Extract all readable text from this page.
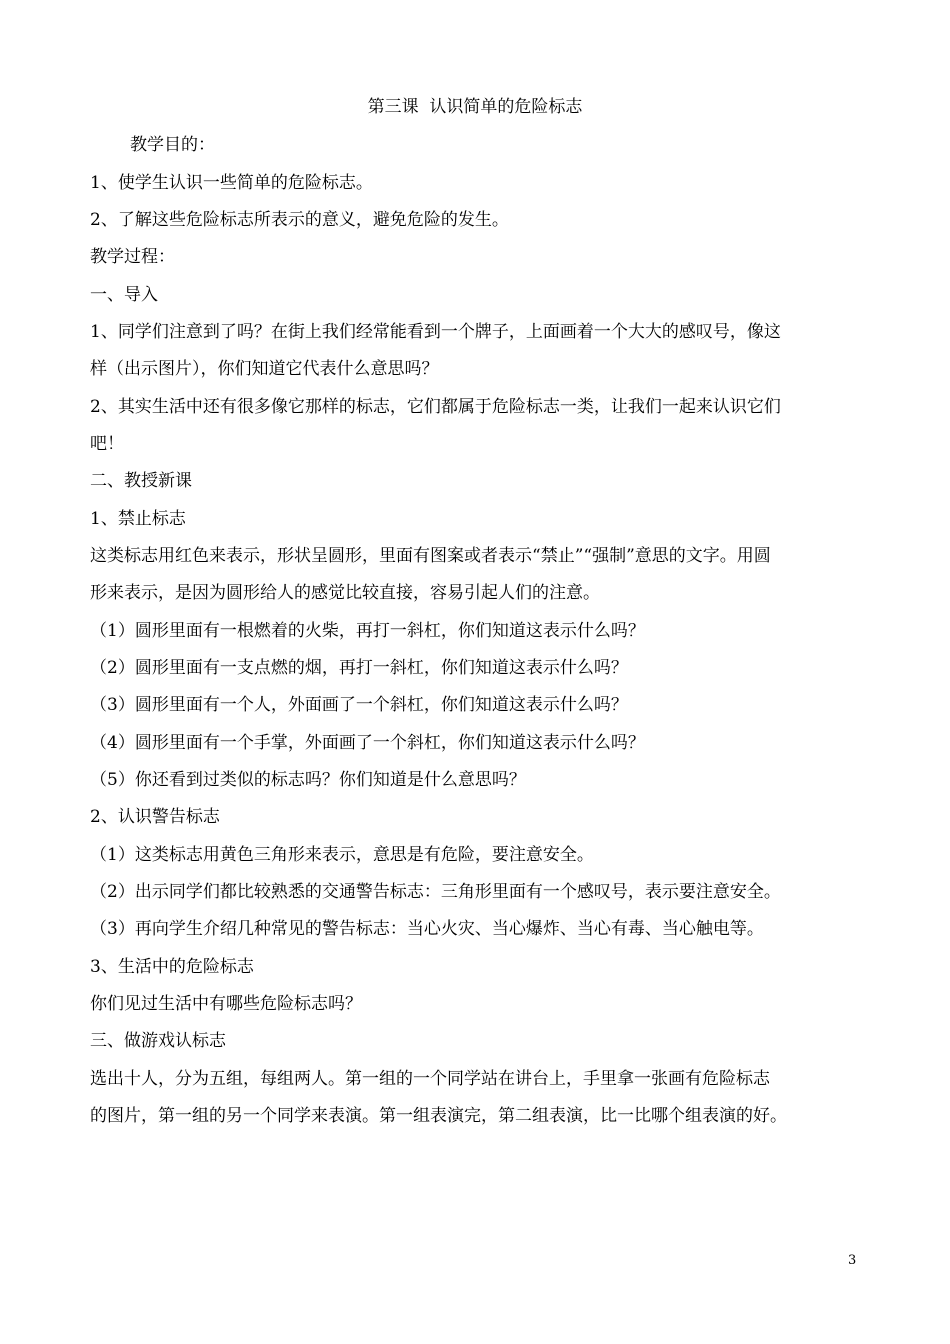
第三课  认识简单的危险标志
教学目的：
1、使学生认识一些简单的危险标志。
2、了解这些危险标志所表示的意义，避免危险的发生。
教学过程：
一、导入
1、同学们注意到了吗？在街上我们经常能看到一个牌子，上面画着一个大大的感叹号，像这
样（出示图片），你们知道它代表什么意思吗？
2、其实生活中还有很多像它那样的标志，它们都属于危险标志一类，让我们一起来认识它们
吧！
二、教授新课
1、禁止标志
这类标志用红色来表示，形状呈圆形，里面有图案或者表示“禁止”“强制”意思的文字。用圆
形来表示，是因为圆形给人的感觉比较直接，容易引起人们的注意。
（1）圆形里面有一根燃着的火柴，再打一斜杠，你们知道这表示什么吗？
（2）圆形里面有一支点燃的烟，再打一斜杠，你们知道这表示什么吗？
（3）圆形里面有一个人，外面画了一个斜杠，你们知道这表示什么吗？
（4）圆形里面有一个手掌，外面画了一个斜杠，你们知道这表示什么吗？
（5）你还看到过类似的标志吗？你们知道是什么意思吗？
2、认识警告标志
（1）这类标志用黄色三角形来表示，意思是有危险，要注意安全。
（2）出示同学们都比较熟悉的交通警告标志：三角形里面有一个感叹号，表示要注意安全。
（3）再向学生介绍几种常见的警告标志：当心火灾、当心爆炸、当心有毒、当心触电等。
3、生活中的危险标志
你们见过生活中有哪些危险标志吗？
三、做游戏认标志
选出十人，分为五组，每组两人。第一组的一个同学站在讲台上，手里拿一张画有危险标志
的图片，第一组的另一个同学来表演。第一组表演完，第二组表演，比一比哪个组表演的好。
3
